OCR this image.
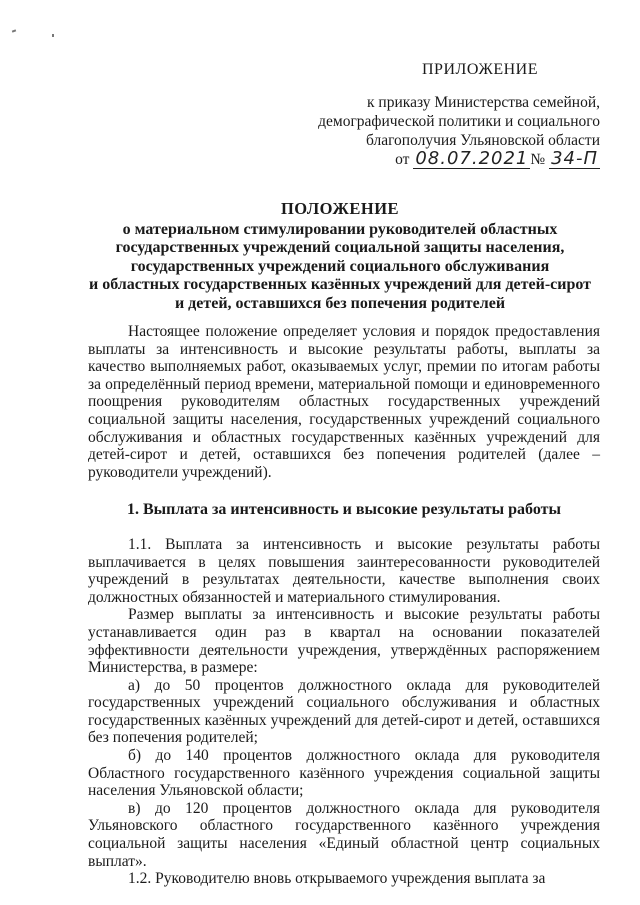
ПРИЛОЖЕНИЕ
к приказу Министерства семейной,
демографической политики и социального
благополучия Ульяновской области
от 08.07.2021 № 34-П
ПОЛОЖЕНИЕ
о материальном стимулировании руководителей областных
государственных учреждений социальной защиты населения,
государственных учреждений социального обслуживания
и областных государственных казённых учреждений для детей-сирот
и детей, оставшихся без попечения родителей

Настоящее положение определяет условия и порядок предоставления выплаты за интенсивность и высокие результаты работы, выплаты за качество выполняемых работ, оказываемых услуг, премии по итогам работы за определённый период времени, материальной помощи и единовременного поощрения руководителям областных государственных учреждений социальной защиты населения, государственных учреждений социального обслуживания и областных государственных казённых учреждений для детей-сирот и детей, оставшихся без попечения родителей (далее – руководители учреждений).

1. Выплата за интенсивность и высокие результаты работы

1.1. Выплата за интенсивность и высокие результаты работы выплачивается в целях повышения заинтересованности руководителей учреждений в результатах деятельности, качестве выполнения своих должностных обязанностей и материального стимулирования.

Размер выплаты за интенсивность и высокие результаты работы устанавливается один раз в квартал на основании показателей эффективности деятельности учреждения, утверждённых распоряжением Министерства, в размере:

а) до 50 процентов должностного оклада для руководителей государственных учреждений социального обслуживания и областных государственных казённых учреждений для детей-сирот и детей, оставшихся без попечения родителей;

б) до 140 процентов должностного оклада для руководителя Областного государственного казённого учреждения социальной защиты населения Ульяновской области;

в) до 120 процентов должностного оклада для руководителя Ульяновского областного государственного казённого учреждения социальной защиты населения «Единый областной центр социальных выплат».

1.2. Руководителю вновь открываемого учреждения выплата за
